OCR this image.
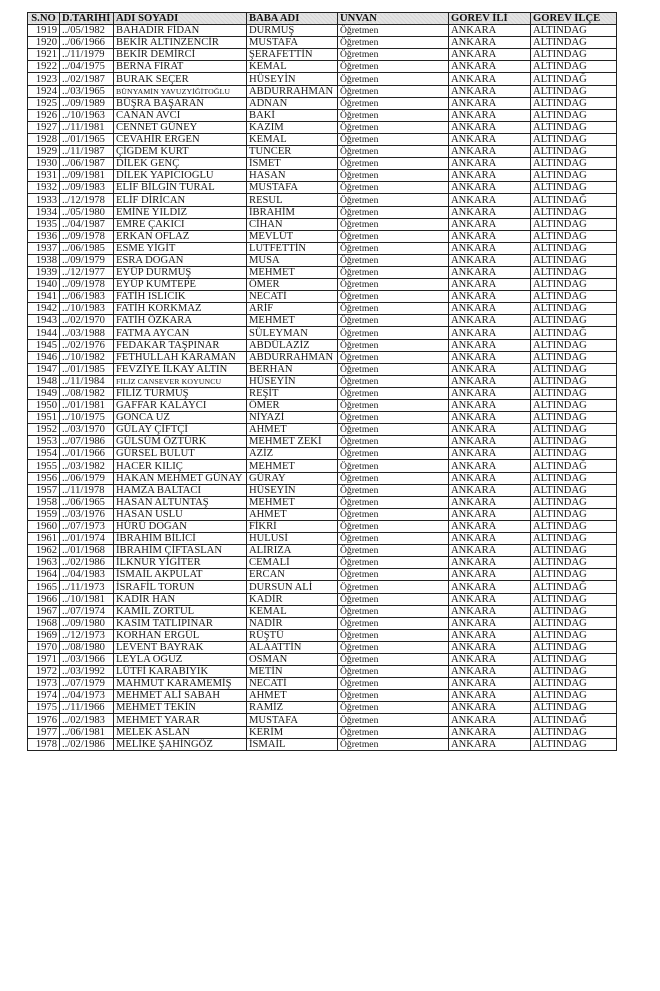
S.NO	D.TARİHİ	ADI SOYADI	BABA ADI	UNVAN	GOREV İLİ	GOREV İLÇE
1919	../05/1982	BAHADIR FİDAN	DURMUŞ	Öğretmen	ANKARA	ALTINDAĞ
1920	../06/1966	BEKİR ALTINZENCİR	MUSTAFA	Öğretmen	ANKARA	ALTINDAĞ
1921	../11/1979	BEKİR DEMİRCİ	ŞERAFETTİN	Öğretmen	ANKARA	ALTINDAĞ
1922	../04/1975	BERNA FIRAT	KEMAL	Öğretmen	ANKARA	ALTINDAĞ
1923	../02/1987	BURAK SEÇER	HÜSEYİN	Öğretmen	ANKARA	ALTINDAĞ
1924	../03/1965	BÜNYAMİN YAVUZYİĞİTOĞLU	ABDURRAHMAN	Öğretmen	ANKARA	ALTINDAĞ
1925	../09/1989	BÜŞRA BAŞARAN	ADNAN	Öğretmen	ANKARA	ALTINDAĞ
1926	../10/1963	CANAN AVCI	BAKİ	Öğretmen	ANKARA	ALTINDAĞ
1927	../11/1981	CENNET GÜNEY	KAZIM	Öğretmen	ANKARA	ALTINDAĞ
1928	../01/1965	CEVAHİR ERGEN	KEMAL	Öğretmen	ANKARA	ALTINDAĞ
1929	../11/1987	ÇİĞDEM KURT	TUNCER	Öğretmen	ANKARA	ALTINDAĞ
1930	../06/1987	DİLEK GENÇ	İSMET	Öğretmen	ANKARA	ALTINDAĞ
1931	../09/1981	DİLEK YAPICIOĞLU	HASAN	Öğretmen	ANKARA	ALTINDAĞ
1932	../09/1983	ELİF BİLGİN TURAL	MUSTAFA	Öğretmen	ANKARA	ALTINDAĞ
1933	../12/1978	ELİF DİRİCAN	RESUL	Öğretmen	ANKARA	ALTINDAĞ
1934	../05/1980	EMİNE YILDIZ	İBRAHİM	Öğretmen	ANKARA	ALTINDAĞ
1935	../04/1987	EMRE ÇAKICI	CİHAN	Öğretmen	ANKARA	ALTINDAĞ
1936	../09/1978	ERKAN OFLAZ	MEVLÜT	Öğretmen	ANKARA	ALTINDAĞ
1937	../06/1985	ESME YİĞİT	LUTFETTİN	Öğretmen	ANKARA	ALTINDAĞ
1938	../09/1979	ESRA DOĞAN	MUSA	Öğretmen	ANKARA	ALTINDAĞ
1939	../12/1977	EYÜP DURMUŞ	MEHMET	Öğretmen	ANKARA	ALTINDAĞ
1940	../09/1978	EYÜP KUMTEPE	ÖMER	Öğretmen	ANKARA	ALTINDAĞ
1941	../06/1983	FATİH ISLICIK	NECATİ	Öğretmen	ANKARA	ALTINDAĞ
1942	../10/1983	FATİH KORKMAZ	ARİF	Öğretmen	ANKARA	ALTINDAĞ
1943	../02/1970	FATİH ÖZKARA	MEHMET	Öğretmen	ANKARA	ALTINDAĞ
1944	../03/1988	FATMA AYCAN	SÜLEYMAN	Öğretmen	ANKARA	ALTINDAĞ
1945	../02/1976	FEDAKAR TAŞPINAR	ABDÜLAZİZ	Öğretmen	ANKARA	ALTINDAĞ
1946	../10/1982	FETHULLAH KARAMAN	ABDURRAHMAN	Öğretmen	ANKARA	ALTINDAĞ
1947	../01/1985	FEVZİYE İLKAY ALTIN	BERHAN	Öğretmen	ANKARA	ALTINDAĞ
1948	../11/1984	FİLİZ CANSEVER KOYUNCU	HÜSEYİN	Öğretmen	ANKARA	ALTINDAĞ
1949	../08/1982	FİLİZ TURMUŞ	REŞİT	Öğretmen	ANKARA	ALTINDAĞ
1950	../01/1981	GAFFAR KALAYCI	ÖMER	Öğretmen	ANKARA	ALTINDAĞ
1951	../10/1975	GONCA UZ	NİYAZİ	Öğretmen	ANKARA	ALTINDAĞ
1952	../03/1970	GÜLAY ÇİFTÇİ	AHMET	Öğretmen	ANKARA	ALTINDAĞ
1953	../07/1986	GÜLSÜM ÖZTÜRK	MEHMET ZEKİ	Öğretmen	ANKARA	ALTINDAĞ
1954	../01/1966	GÜRSEL BULUT	AZİZ	Öğretmen	ANKARA	ALTINDAĞ
1955	../03/1982	HACER KILIÇ	MEHMET	Öğretmen	ANKARA	ALTINDAĞ
1956	../06/1979	HAKAN MEHMET GÜNAY	GÜRAY	Öğretmen	ANKARA	ALTINDAĞ
1957	../11/1978	HAMZA BALTACI	HÜSEYİN	Öğretmen	ANKARA	ALTINDAĞ
1958	../06/1965	HASAN ALTUNTAŞ	MEHMET	Öğretmen	ANKARA	ALTINDAĞ
1959	../03/1976	HASAN USLU	AHMET	Öğretmen	ANKARA	ALTINDAĞ
1960	../07/1973	HÜRÜ DOĞAN	FİKRİ	Öğretmen	ANKARA	ALTINDAĞ
1961	../01/1974	İBRAHİM BİLİCİ	HULUSİ	Öğretmen	ANKARA	ALTINDAĞ
1962	../01/1968	İBRAHİM ÇİFTASLAN	ALİRIZA	Öğretmen	ANKARA	ALTINDAĞ
1963	../02/1986	İLKNUR YİĞİTER	CEMALİ	Öğretmen	ANKARA	ALTINDAĞ
1964	../04/1983	İSMAİL AKPULAT	ERCAN	Öğretmen	ANKARA	ALTINDAĞ
1965	../11/1973	İSRAFİL TORUN	DURSUN ALİ	Öğretmen	ANKARA	ALTINDAĞ
1966	../10/1981	KADİR HAN	KADİR	Öğretmen	ANKARA	ALTINDAĞ
1967	../07/1974	KAMİL ZORTUL	KEMAL	Öğretmen	ANKARA	ALTINDAĞ
1968	../09/1980	KASIM TATLIPINAR	NADİR	Öğretmen	ANKARA	ALTINDAĞ
1969	../12/1973	KORHAN ERGÜL	RÜŞTÜ	Öğretmen	ANKARA	ALTINDAĞ
1970	../08/1980	LEVENT BAYRAK	ALAATTİN	Öğretmen	ANKARA	ALTINDAĞ
1971	../03/1966	LEYLA OĞUZ	OSMAN	Öğretmen	ANKARA	ALTINDAĞ
1972	../03/1992	LÜTFİ KARABIYIK	METİN	Öğretmen	ANKARA	ALTINDAĞ
1973	../07/1979	MAHMUT KARAMEMİŞ	NECATİ	Öğretmen	ANKARA	ALTINDAĞ
1974	../04/1973	MEHMET ALİ SABAH	AHMET	Öğretmen	ANKARA	ALTINDAĞ
1975	../11/1966	MEHMET TEKİN	RAMİZ	Öğretmen	ANKARA	ALTINDAĞ
1976	../02/1983	MEHMET YARAR	MUSTAFA	Öğretmen	ANKARA	ALTINDAĞ
1977	../06/1981	MELEK ASLAN	KERİM	Öğretmen	ANKARA	ALTINDAĞ
1978	../02/1986	MELİKE ŞAHİNGÖZ	İSMAİL	Öğretmen	ANKARA	ALTINDAĞ
